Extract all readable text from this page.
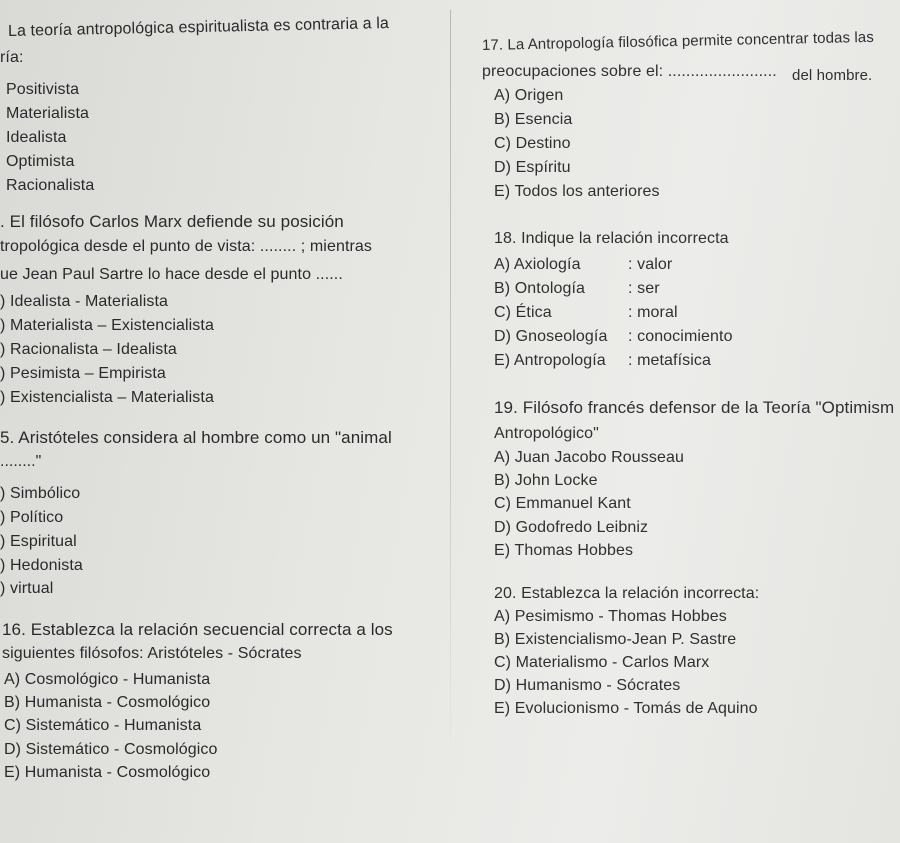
La teoría antropológica espiritualista es contraria a la
ría:
Positivista
Materialista
Idealista
Optimista
Racionalista
. El filósofo Carlos Marx defiende su posición
tropológica desde el punto de vista: ........ ; mientras
ue Jean Paul Sartre lo hace desde el punto ......
) Idealista - Materialista
) Materialista – Existencialista
) Racionalista – Idealista
) Pesimista – Empirista
) Existencialista – Materialista
5. Aristóteles considera al hombre como un "animal
........"
) Simbólico
) Político
) Espiritual
) Hedonista
) virtual
16. Establezca la relación secuencial correcta a los
siguientes filósofos: Aristóteles - Sócrates
A) Cosmológico - Humanista
B) Humanista - Cosmológico
C) Sistemático - Humanista
D) Sistemático - Cosmológico
E) Humanista - Cosmológico
17. La Antropología filosófica permite concentrar todas las
preocupaciones sobre el: ........................ del hombre.
A) Origen
B) Esencia
C) Destino
D) Espíritu
E) Todos los anteriores
18. Indique la relación incorrecta
A) Axiología	: valor
B) Ontología	: ser
C) Ética	: moral
D) Gnoseología : conocimiento
E) Antropología : metafísica
19. Filósofo francés defensor de la Teoría "Optimism
Antropológico"
A) Juan Jacobo Rousseau
B) John Locke
C) Emmanuel Kant
D) Godofredo Leibniz
E) Thomas Hobbes
20. Establezca la relación incorrecta:
A) Pesimismo - Thomas Hobbes
B) Existencialismo-Jean P. Sastre
C) Materialismo - Carlos Marx
D) Humanismo - Sócrates
E) Evolucionismo - Tomás de Aquino
